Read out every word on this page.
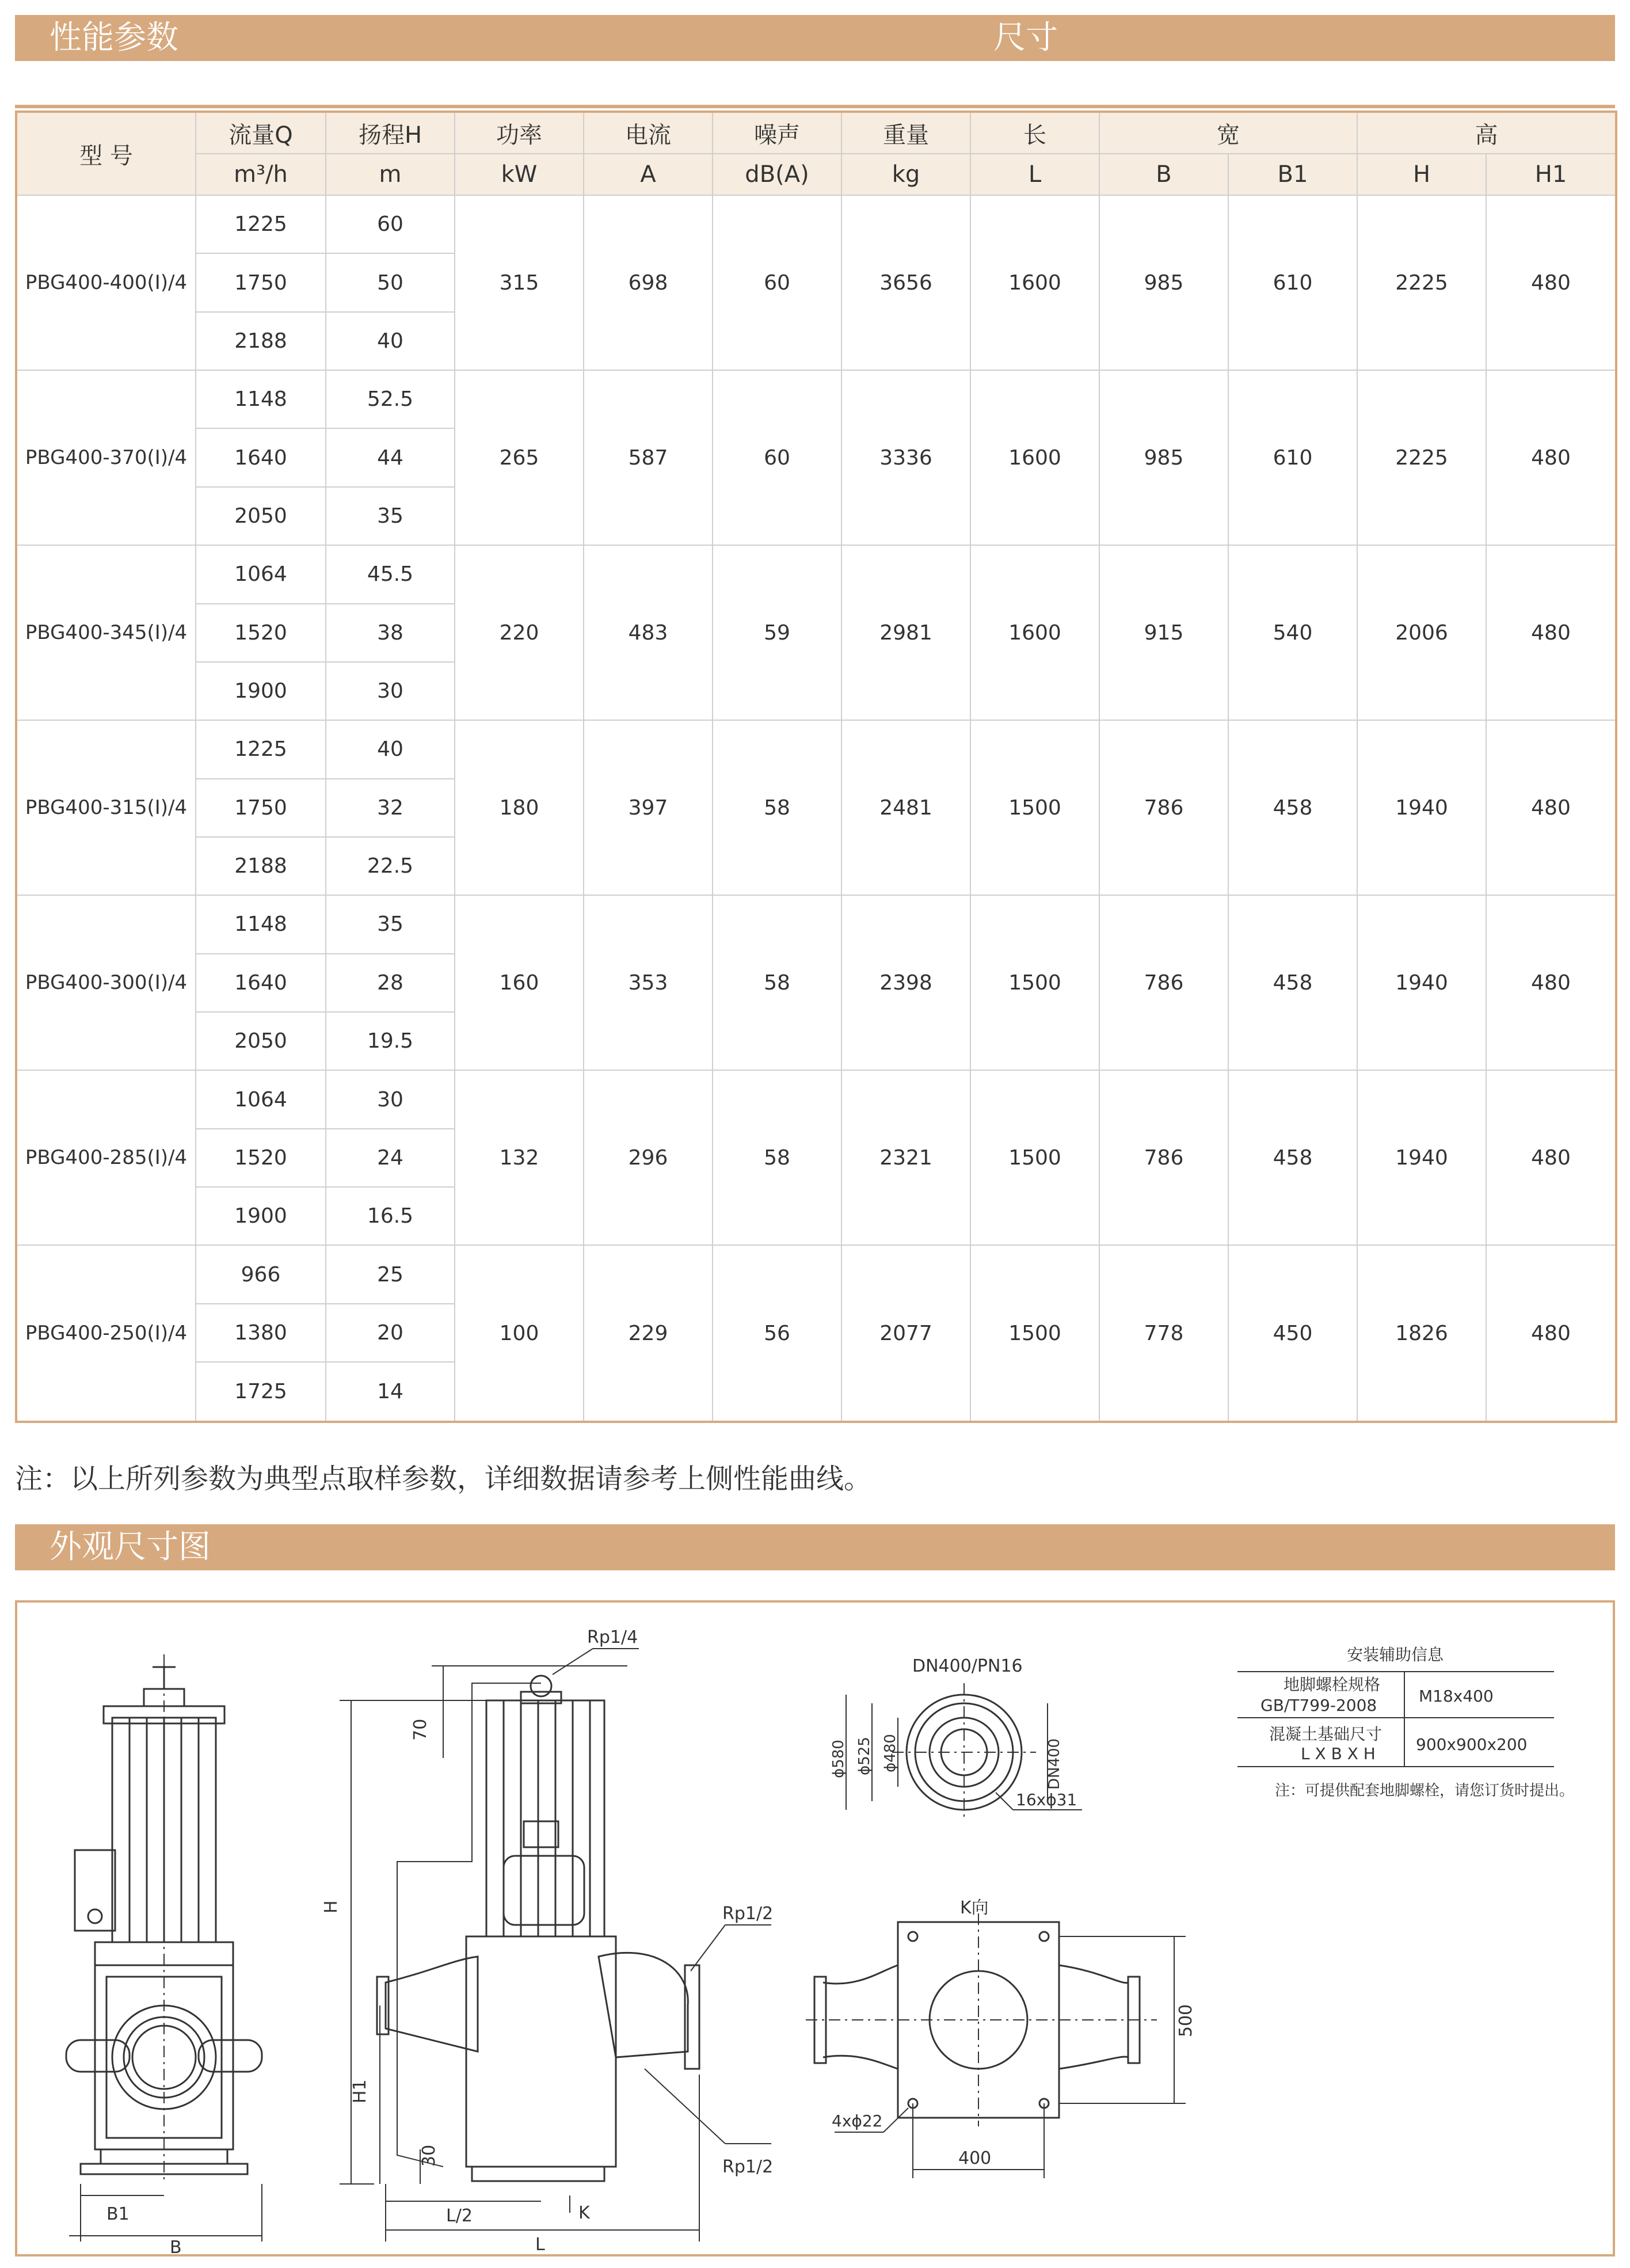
性能参数	尺寸
型 号	流量Q	扬程H	功率	电流	噪声	重量	长	宽		高	
	m³/h	m	kW	A	dB(A)	kg	L	B	B1	H	H1
PBG400-400(I)/4	1225	60	315	698	60	3656	1600	985	610	2225	480
	1750	50									
	2188	40									
PBG400-370(I)/4	1148	52.5	265	587	60	3336	1600	985	610	2225	480
	1640	44									
	2050	35									
PBG400-345(I)/4	1064	45.5	220	483	59	2981	1600	915	540	2006	480
	1520	38									
	1900	30									
PBG400-315(I)/4	1225	40	180	397	58	2481	1500	786	458	1940	480
	1750	32									
	2188	22.5									
PBG400-300(I)/4	1148	35	160	353	58	2398	1500	786	458	1940	480
	1640	28									
	2050	19.5									
PBG400-285(I)/4	1064	30	132	296	58	2321	1500	786	458	1940	480
	1520	24									
	1900	16.5									
PBG400-250(I)/4	966	25	100	229	56	2077	1500	778	450	1826	480
	1380	20									
	1725	14									
注：以上所列参数为典型点取样参数，详细数据请参考上侧性能曲线。
外观尺寸图
B1
B
Rp1/4
Rp1/2
Rp1/2
70
H
H1
30
L/2	K
L
DN400/PN16
ϕ580 ϕ525 ϕ480	DN400
16xϕ31
K向
4xϕ22
400
500
安装辅助信息
地脚螺栓规格
GB/T799-2008	M18x400
混凝土基础尺寸
L X B X H	900x900x200
注：可提供配套地脚螺栓，请您订货时提出。
